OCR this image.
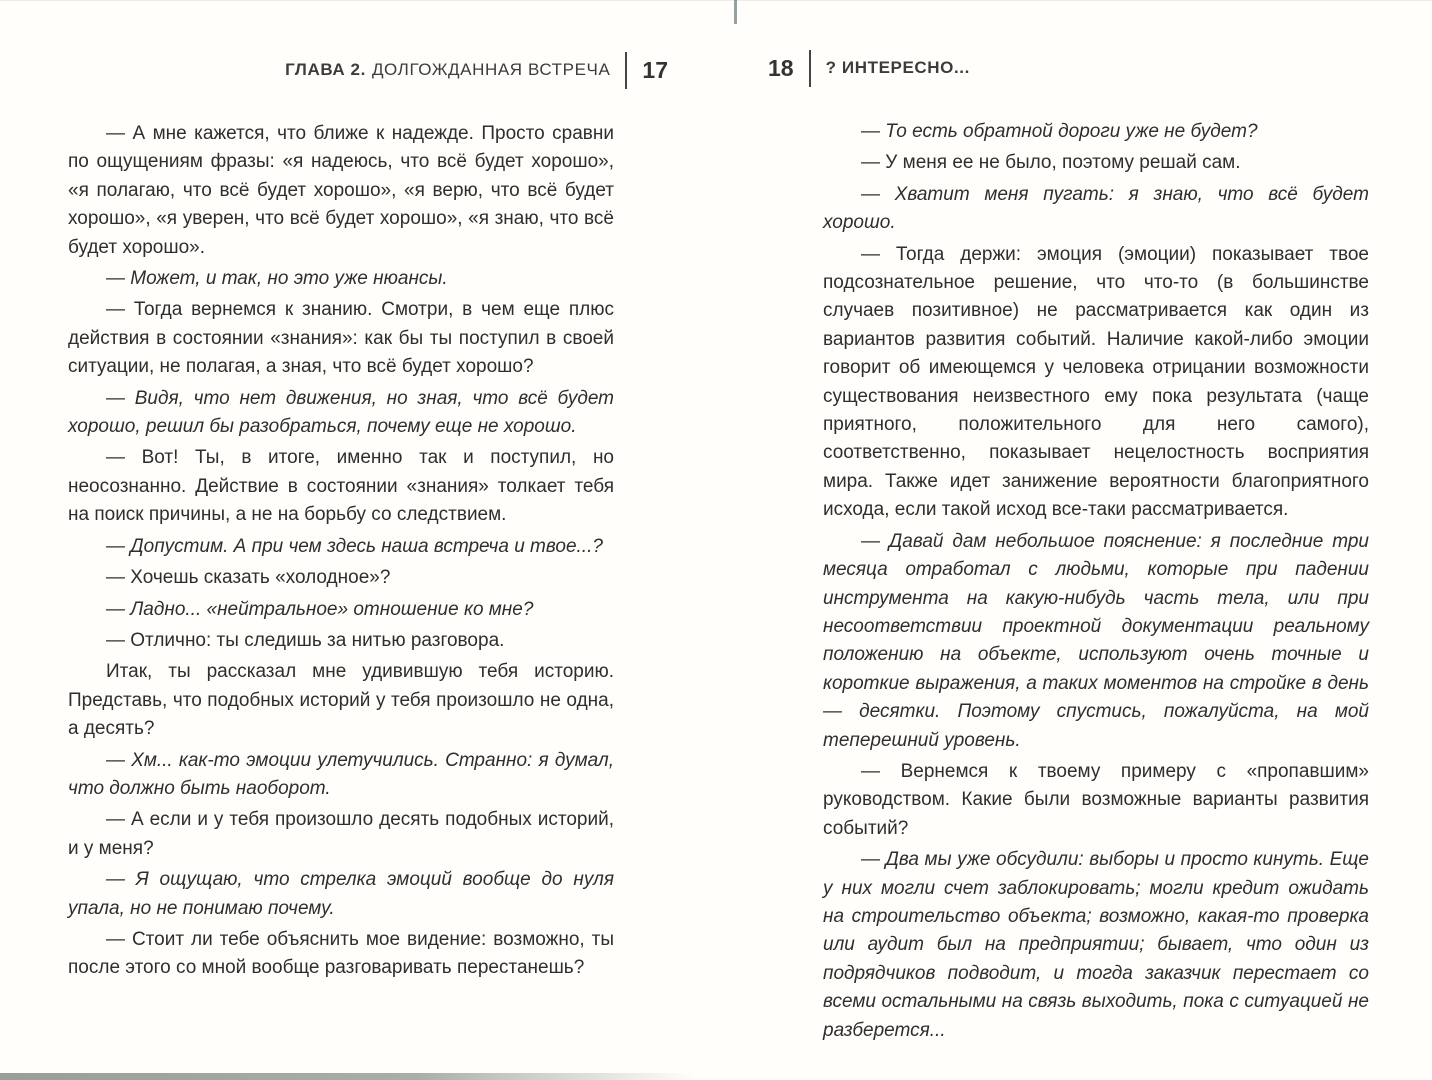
ГЛАВА 2. ДОЛГОЖДАННАЯ ВСТРЕЧА 17	18 ? ИНТЕРЕСНО...

— А мне кажется, что ближе к надежде. Просто сравни по ощущениям фразы: «я надеюсь, что всё будет хорошо», «я полагаю, что всё будет хорошо», «я верю, что всё будет хорошо», «я уверен, что всё будет хорошо», «я знаю, что всё будет хорошо».

— Может, и так, но это уже нюансы.

— Тогда вернемся к знанию. Смотри, в чем еще плюс действия в состоянии «знания»: как бы ты поступил в своей ситуации, не полагая, а зная, что всё будет хорошо?

— Видя, что нет движения, но зная, что всё будет хорошо, решил бы разобраться, почему еще не хорошо.

— Вот! Ты, в итоге, именно так и поступил, но неосознанно. Действие в состоянии «знания» толкает тебя на поиск причины, а не на борьбу со следствием.

— Допустим. А при чем здесь наша встреча и твое...?

— Хочешь сказать «холодное»?

— Ладно... «нейтральное» отношение ко мне?

— Отлично: ты следишь за нитью разговора.

Итак, ты рассказал мне удивившую тебя историю. Представь, что подобных историй у тебя произошло не одна, а десять?

— Хм... как-то эмоции улетучились. Странно: я думал, что должно быть наоборот.

— А если и у тебя произошло десять подобных историй, и у меня?

— Я ощущаю, что стрелка эмоций вообще до нуля упала, но не понимаю почему.

— Стоит ли тебе объяснить мое видение: возможно, ты после этого со мной вообще разговаривать перестанешь?

— То есть обратной дороги уже не будет?

— У меня ее не было, поэтому решай сам.

— Хватит меня пугать: я знаю, что всё будет хорошо.

— Тогда держи: эмоция (эмоции) показывает твое подсознательное решение, что что-то (в большинстве случаев позитивное) не рассматривается как один из вариантов развития событий. Наличие какой-либо эмоции говорит об имеющемся у человека отрицании возможности существования неизвестного ему пока результата (чаще приятного, положительного для него самого), соответственно, показывает нецелостность восприятия мира. Также идет занижение вероятности благоприятного исхода, если такой исход все-таки рассматривается.

— Давай дам небольшое пояснение: я последние три месяца отработал с людьми, которые при падении инструмента на какую-нибудь часть тела, или при несоответствии проектной документации реальному положению на объекте, используют очень точные и короткие выражения, а таких моментов на стройке в день — десятки. Поэтому спустись, пожалуйста, на мой теперешний уровень.

— Вернемся к твоему примеру с «пропавшим» руководством. Какие были возможные варианты развития событий?

— Два мы уже обсудили: выборы и просто кинуть. Еще у них могли счет заблокировать; могли кредит ожидать на строительство объекта; возможно, какая-то проверка или аудит был на предприятии; бывает, что один из подрядчиков подводит, и тогда заказчик перестает со всеми остальными на связь выходить, пока с ситуацией не разберется...
